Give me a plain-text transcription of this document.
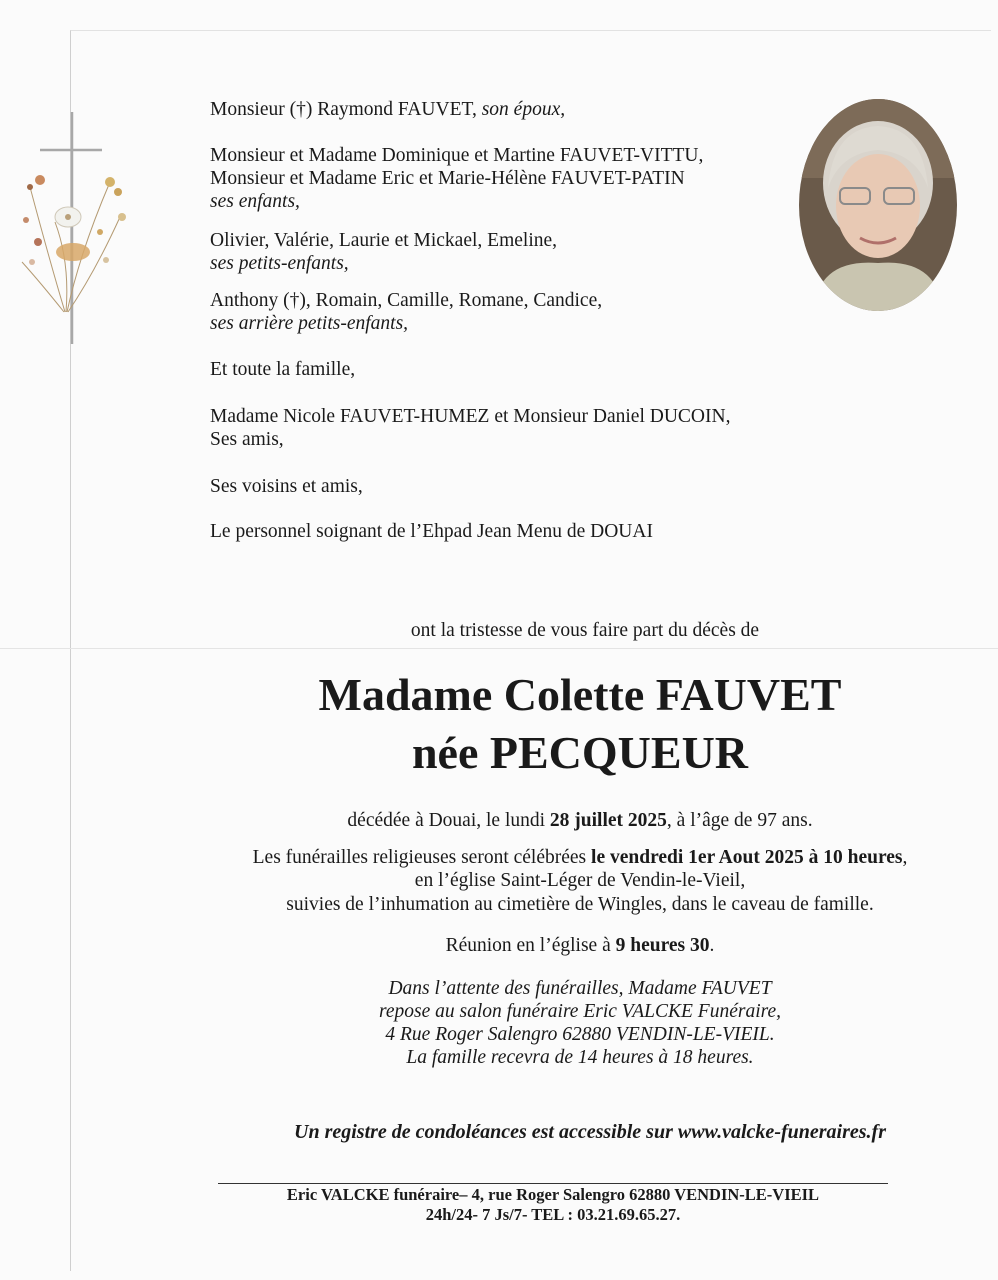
Monsieur (†) Raymond FAUVET, son époux,
Monsieur et Madame Dominique et Martine FAUVET-VITTU,
Monsieur et Madame Eric et Marie-Hélène FAUVET-PATIN
ses enfants,
Olivier, Valérie, Laurie et Mickael, Emeline,
ses petits-enfants,
Anthony (†), Romain, Camille, Romane, Candice,
ses arrière petits-enfants,
Et toute la famille,
Madame Nicole FAUVET-HUMEZ et Monsieur Daniel DUCOIN,
Ses amis,
Ses voisins et amis,
Le personnel soignant de l’Ehpad Jean Menu de DOUAI
ont la tristesse de vous faire part du décès de
Madame Colette FAUVET
née PECQUEUR
décédée à Douai, le lundi 28 juillet 2025, à l’âge de 97 ans.
Les funérailles religieuses seront célébrées le vendredi 1er Aout 2025 à 10 heures,
en l’église Saint-Léger de Vendin-le-Vieil,
suivies de l’inhumation au cimetière de Wingles, dans le caveau de famille.
Réunion en l’église à 9 heures 30.
Dans l’attente des funérailles, Madame FAUVET
repose au salon funéraire Eric VALCKE Funéraire,
4 Rue Roger Salengro 62880 VENDIN-LE-VIEIL.
La famille recevra de 14 heures à 18 heures.
Un registre de condoléances est accessible sur www.valcke-funeraires.fr
Eric VALCKE funéraire– 4, rue Roger Salengro 62880 VENDIN-LE-VIEIL
24h/24- 7 Js/7- TEL : 03.21.69.65.27.
